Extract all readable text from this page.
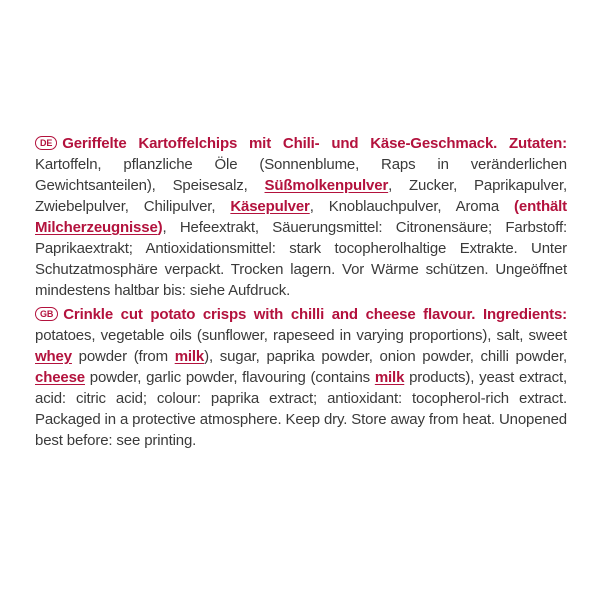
DE Geriffelte Kartoffelchips mit Chili- und Käse-Geschmack. Zutaten: Kartoffeln, pflanzliche Öle (Sonnenblume, Raps in veränderlichen Gewichtsanteilen), Speisesalz, Süßmolkenpulver, Zucker, Paprikapulver, Zwiebelpulver, Chilipulver, Käsepulver, Knoblauchpulver, Aroma (enthält Milcherzeugnisse), Hefeextrakt, Säuerungsmittel: Citronensäure; Farbstoff: Paprikaextrakt; Antioxidationsmittel: stark tocopherolhaltige Extrakte. Unter Schutzatmosphäre verpackt. Trocken lagern. Vor Wärme schützen. Ungeöffnet mindestens haltbar bis: siehe Aufdruck.

GB Crinkle cut potato crisps with chilli and cheese flavour. Ingredients: potatoes, vegetable oils (sunflower, rapeseed in varying proportions), salt, sweet whey powder (from milk), sugar, paprika powder, onion powder, chilli powder, cheese powder, garlic powder, flavouring (contains milk products), yeast extract, acid: citric acid; colour: paprika extract; antioxidant: tocopherol-rich extract. Packaged in a protective atmosphere. Keep dry. Store away from heat. Unopened best before: see printing.
